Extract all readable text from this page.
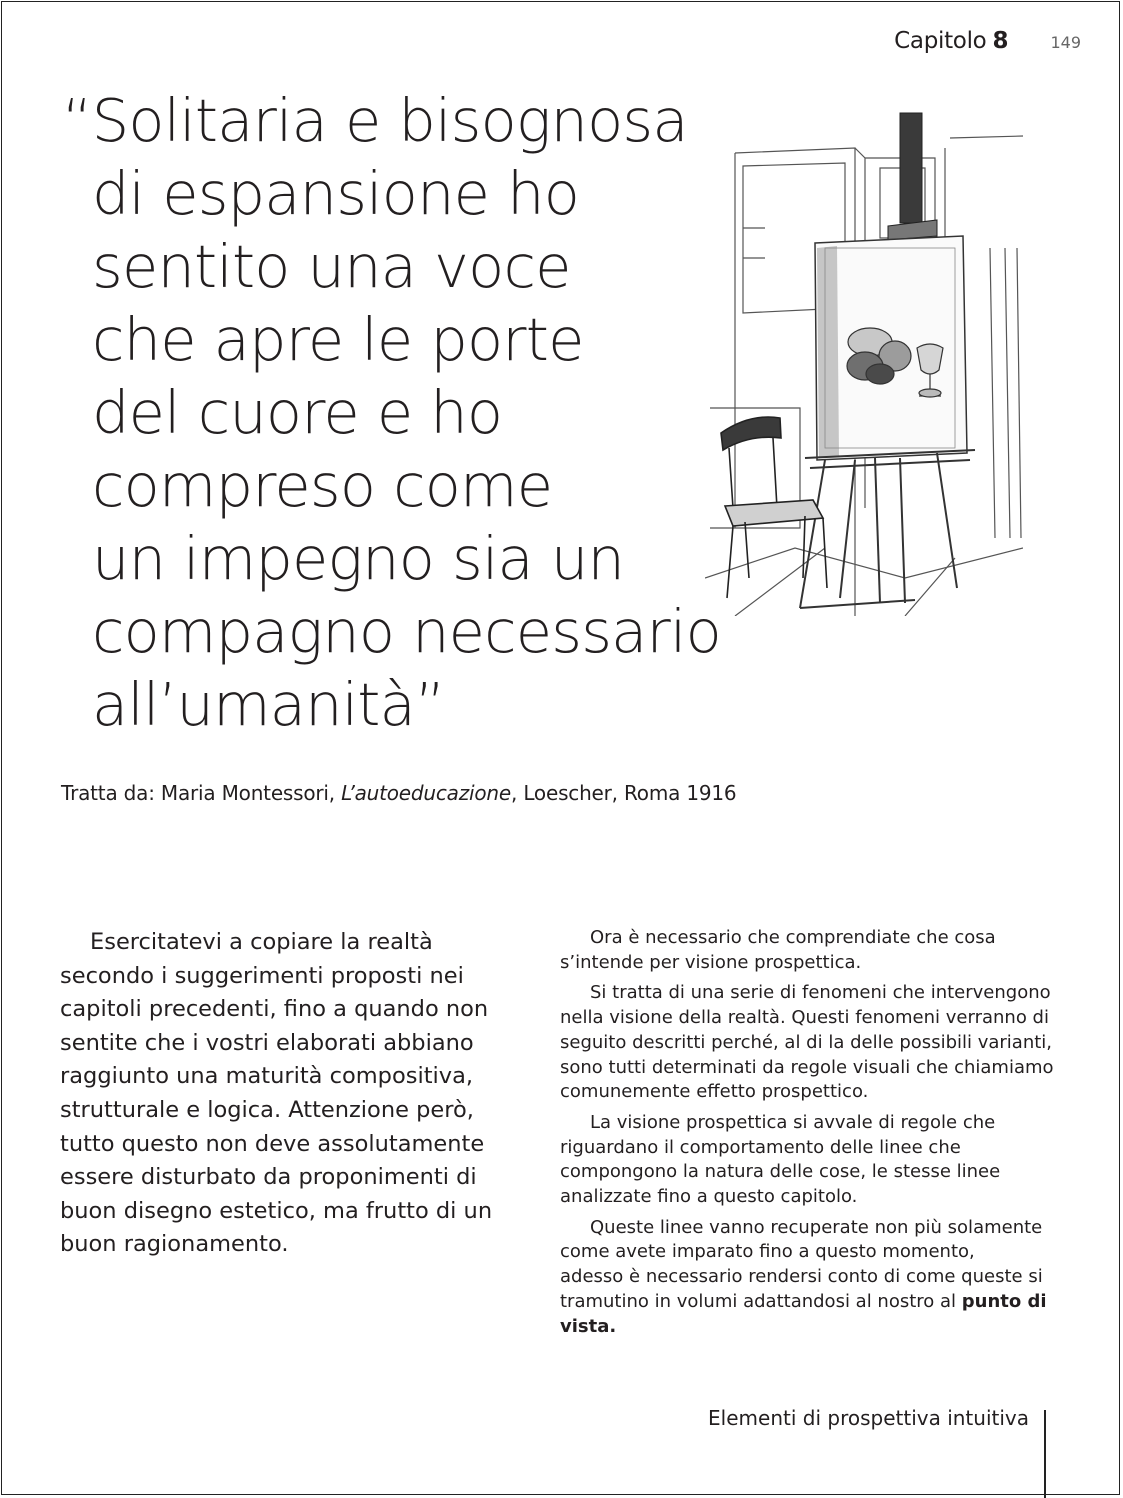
Capitolo 8	149
“Solitaria e bisognosa
di espansione ho
sentito una voce
che apre le porte
del cuore e ho
compreso come
un impegno sia un
compagno necessario
all’umanità”
Tratta da: Maria Montessori, L’autoeducazione, Loescher, Roma 1916
Esercitatevi a copiare la realtà
secondo i suggerimenti proposti nei
capitoli precedenti, fino a quando non
sentite che i vostri elaborati abbiano
raggiunto una maturità compositiva,
strutturale e logica. Attenzione però,
tutto questo non deve assolutamente
essere disturbato da proponimenti di
buon disegno estetico, ma frutto di un
buon ragionamento.
Ora è necessario che comprendiate che cosa
s’intende per visione prospettica.
Si tratta di una serie di fenomeni che intervengono
nella visione della realtà. Questi fenomeni verranno di
seguito descritti perché, al di la delle possibili varianti,
sono tutti determinati da regole visuali che chiamiamo
comunemente effetto prospettico.
La visione prospettica si avvale di regole che
riguardano il comportamento delle linee che
compongono la natura delle cose, le stesse linee
analizzate fino a questo capitolo.
Queste linee vanno recuperate non più solamente
come avete imparato fino a questo momento,
adesso è necessario rendersi conto di come queste si
tramutino in volumi adattandosi al nostro al punto di
vista.
Elementi di prospettiva intuitiva
